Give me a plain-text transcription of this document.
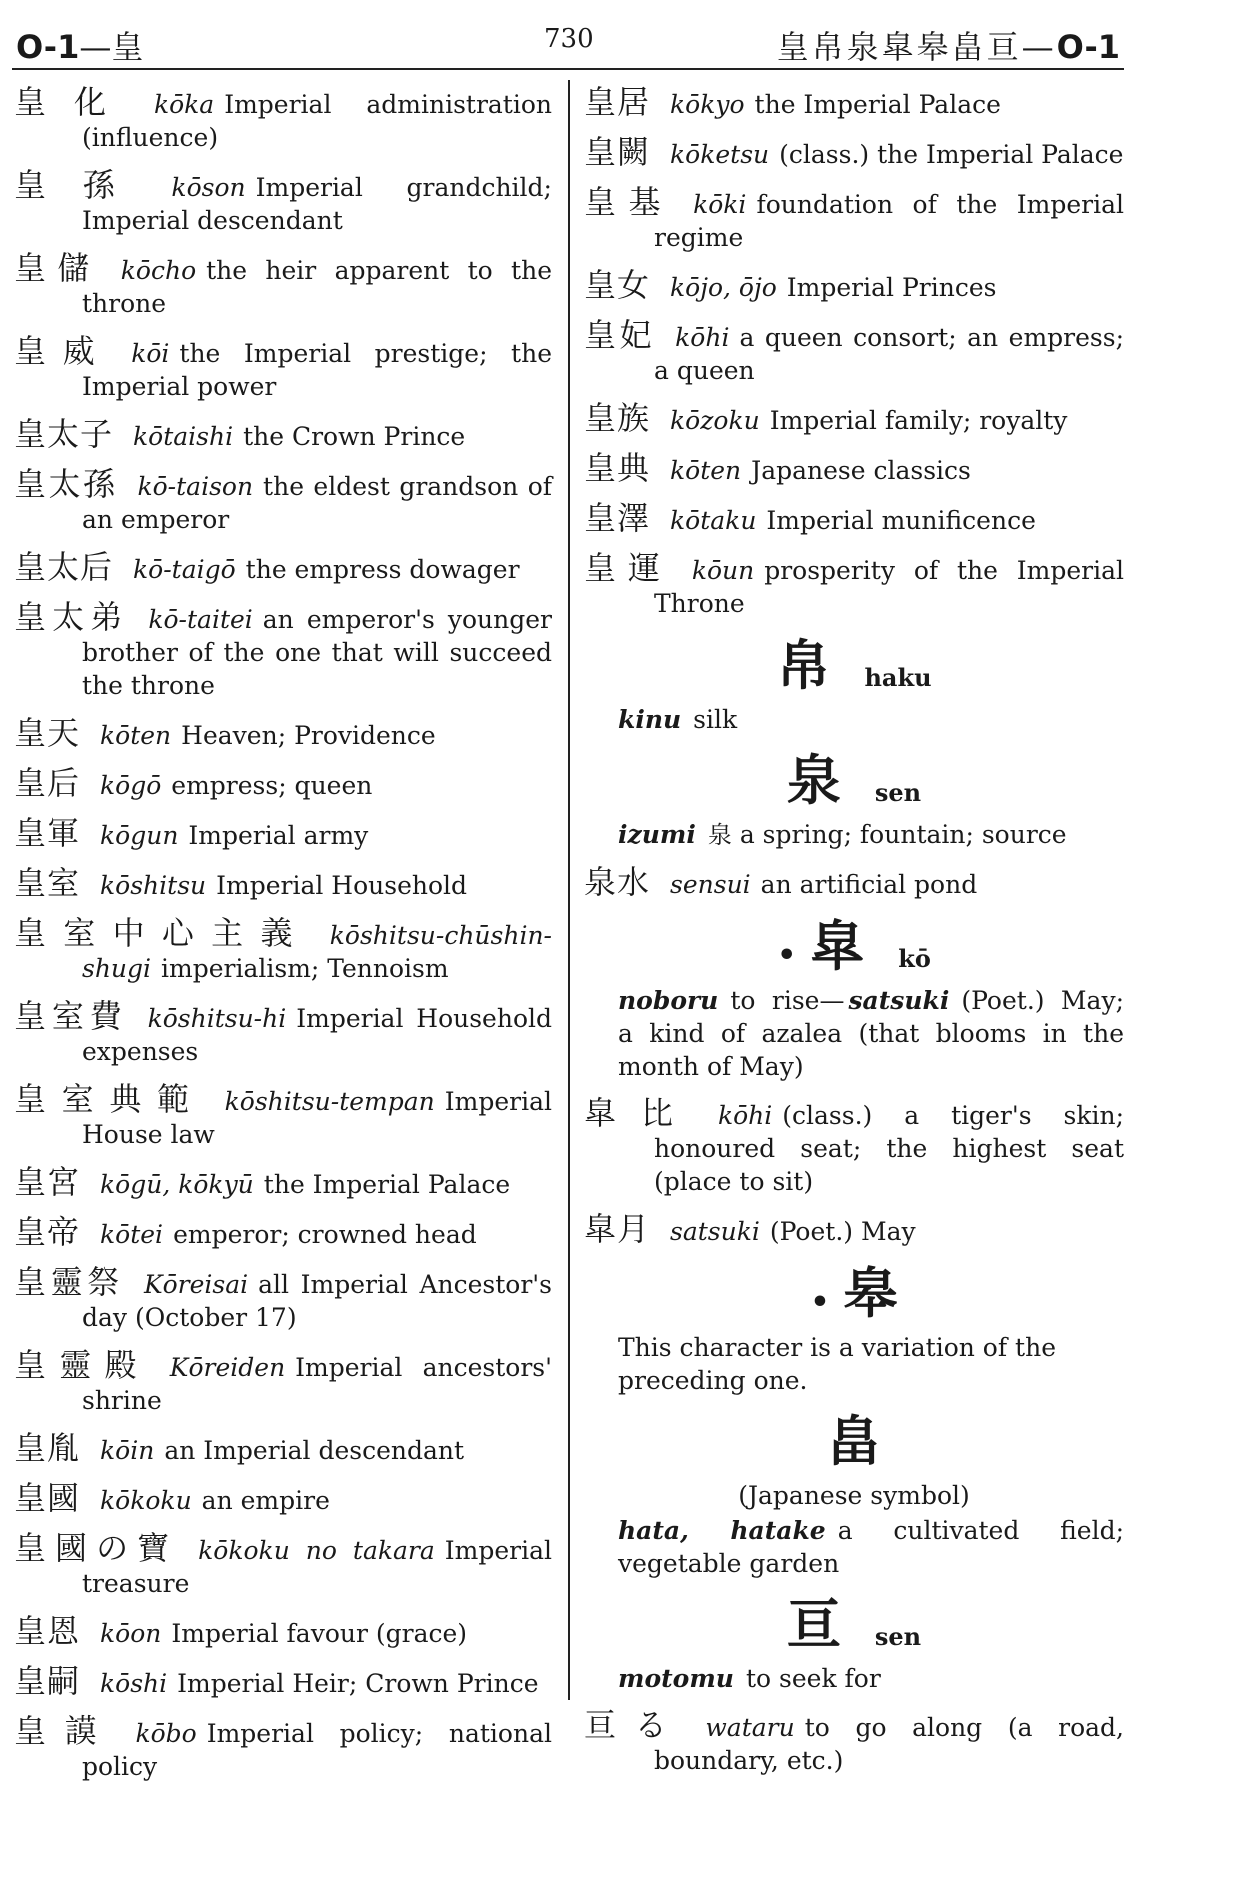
O-1—皇	730	皇帛泉皐皋畠亘—O-1
皇化 kōka Imperial administration (influence)
皇孫 kōson Imperial grandchild; Imperial descendant
皇儲 kōcho the heir apparent to the throne
皇威 kōi the Imperial prestige; the Imperial power
皇太子 kōtaishi the Crown Prince
皇太孫 kō-taison the eldest grandson of an emperor
皇太后 kō-taigō the empress dowager
皇太弟 kō-taitei an emperor's younger brother of the one that will succeed the throne
皇天 kōten Heaven; Providence
皇后 kōgō empress; queen
皇軍 kōgun Imperial army
皇室 kōshitsu Imperial Household
皇室中心主義 kōshitsu-chūshin-shugi imperialism; Tennoism
皇室費 kōshitsu-hi Imperial Household expenses
皇室典範 kōshitsu-tempan Imperial House law
皇宮 kōgū, kōkyū the Imperial Palace
皇帝 kōtei emperor; crowned head
皇靈祭 Kōreisai all Imperial Ancestor's day (October 17)
皇靈殿 Kōreiden Imperial ancestors' shrine
皇胤 kōin an Imperial descendant
皇國 kōkoku an empire
皇國の寶 kōkoku no takara Imperial treasure
皇恩 kōon Imperial favour (grace)
皇嗣 kōshi Imperial Heir; Crown Prince
皇謨 kōbo Imperial policy; national policy
皇居 kōkyo the Imperial Palace
皇闕 kōketsu (class.) the Imperial Palace
皇基 kōki foundation of the Imperial regime
皇女 kōjo, ōjo Imperial Princes
皇妃 kōhi a queen consort; an empress; a queen
皇族 kōzoku Imperial family; royalty
皇典 kōten Japanese classics
皇澤 kōtaku Imperial munificence
皇運 kōun prosperity of the Imperial Throne
帛 haku
kinu silk
泉 sen
izumi 泉 a spring; fountain; source
泉水 sensui an artificial pond
• 皐 kō
noboru to rise— satsuki (Poet.) May; a kind of azalea (that blooms in the month of May)
皐比 kōhi (class.) a tiger's skin; honoured seat; the highest seat (place to sit)
皐月 satsuki (Poet.) May
• 皋
This character is a variation of the preceding one.
畠
(Japanese symbol)
hata, hatake a cultivated field; vegetable garden
亘 sen
motomu to seek for
亘る wataru to go along (a road, boundary, etc.)
